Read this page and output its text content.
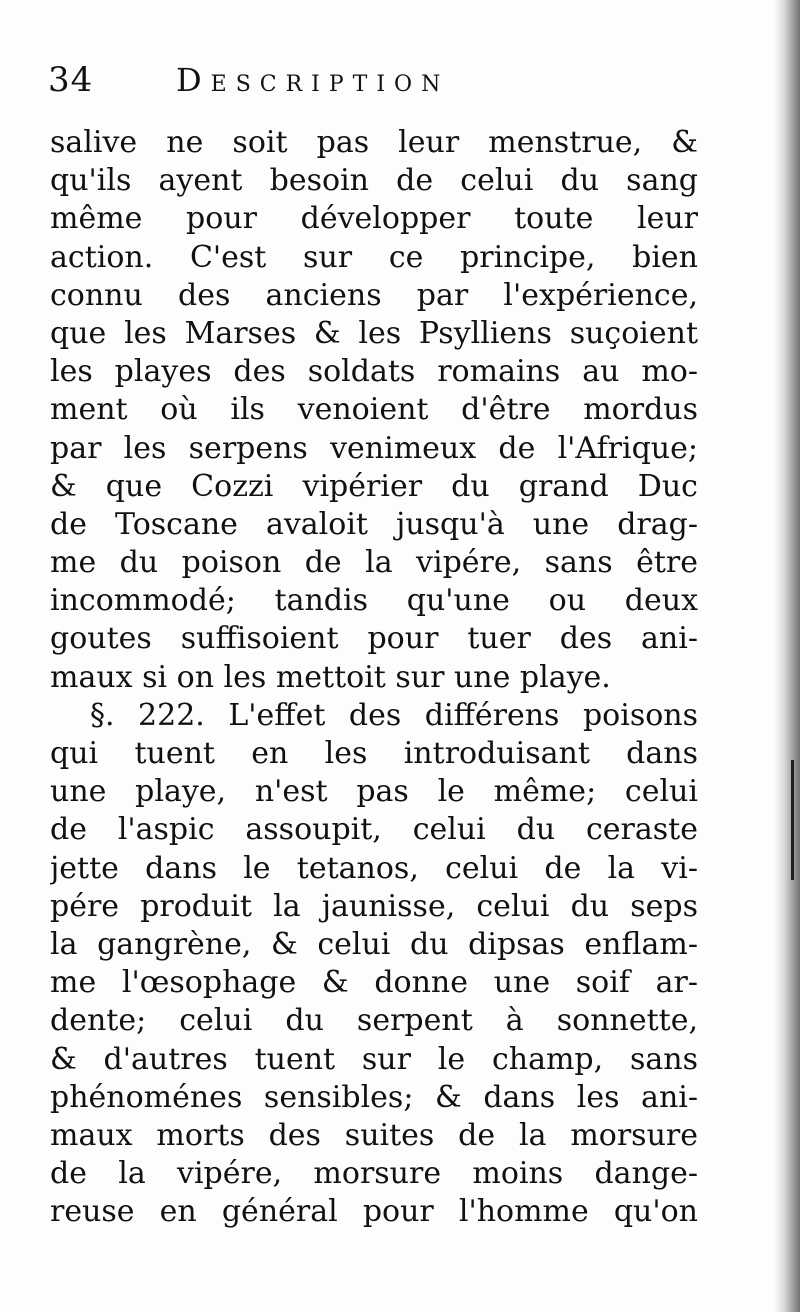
34	Description
salive ne soit pas leur menstrue, &
qu'ils ayent besoin de celui du sang
même pour développer toute leur
action. C'est sur ce principe, bien
connu des anciens par l'expérience,
que les Marses & les Psylliens suçoient
les playes des soldats romains au mo-
ment où ils venoient d'être mordus
par les serpens venimeux de l'Afrique;
& que Cozzi vipérier du grand Duc
de Toscane avaloit jusqu'à une drag-
me du poison de la vipére, sans être
incommodé; tandis qu'une ou deux
goutes suffisoient pour tuer des ani-
maux si on les mettoit sur une playe.
§. 222. L'effet des différens poisons
qui tuent en les introduisant dans
une playe, n'est pas le même; celui
de l'aspic assoupit, celui du ceraste
jette dans le tetanos, celui de la vi-
pére produit la jaunisse, celui du seps
la gangrène, & celui du dipsas enflam-
me l'œsophage & donne une soif ar-
dente; celui du serpent à sonnette,
& d'autres tuent sur le champ, sans
phénoménes sensibles; & dans les ani-
maux morts des suites de la morsure
de la vipére, morsure moins dange-
reuse en général pour l'homme qu'on
